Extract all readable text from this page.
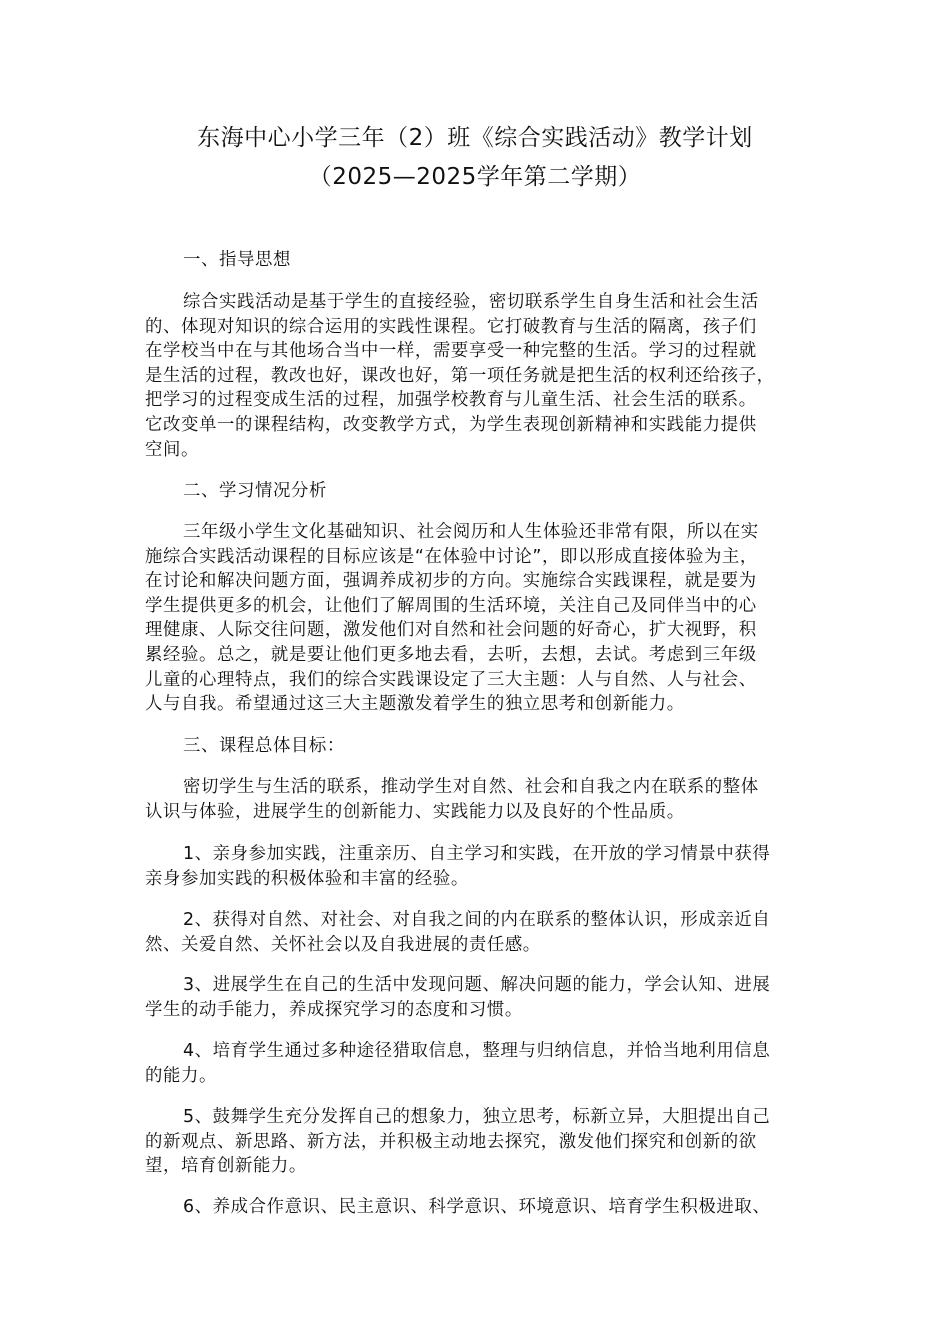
东海中心小学三年（2）班《综合实践活动》教学计划
（2025—2025学年第二学期）
一、指导思想
综合实践活动是基于学生的直接经验，密切联系学生自身生活和社会生活
的、体现对知识的综合运用的实践性课程。它打破教育与生活的隔离，孩子们
在学校当中在与其他场合当中一样，需要享受一种完整的生活。学习的过程就
是生活的过程，教改也好，课改也好，第一项任务就是把生活的权利还给孩子，
把学习的过程变成生活的过程，加强学校教育与儿童生活、社会生活的联系。
它改变单一的课程结构，改变教学方式，为学生表现创新精神和实践能力提供
空间。
二、学习情况分析
三年级小学生文化基础知识、社会阅历和人生体验还非常有限，所以在实
施综合实践活动课程的目标应该是“在体验中讨论”，即以形成直接体验为主，
在讨论和解决问题方面，强调养成初步的方向。实施综合实践课程，就是要为
学生提供更多的机会，让他们了解周围的生活环境，关注自己及同伴当中的心
理健康、人际交往问题，激发他们对自然和社会问题的好奇心，扩大视野，积
累经验。总之，就是要让他们更多地去看，去听，去想，去试。考虑到三年级
儿童的心理特点，我们的综合实践课设定了三大主题：人与自然、人与社会、
人与自我。希望通过这三大主题激发着学生的独立思考和创新能力。
三、课程总体目标：
密切学生与生活的联系，推动学生对自然、社会和自我之内在联系的整体
认识与体验，进展学生的创新能力、实践能力以及良好的个性品质。
1、亲身参加实践，注重亲历、自主学习和实践，在开放的学习情景中获得
亲身参加实践的积极体验和丰富的经验。
2、获得对自然、对社会、对自我之间的内在联系的整体认识，形成亲近自
然、关爱自然、关怀社会以及自我进展的责任感。
3、进展学生在自己的生活中发现问题、解决问题的能力，学会认知、进展
学生的动手能力，养成探究学习的态度和习惯。
4、培育学生通过多种途径猎取信息，整理与归纳信息，并恰当地利用信息
的能力。
5、鼓舞学生充分发挥自己的想象力，独立思考，标新立异，大胆提出自己
的新观点、新思路、新方法，并积极主动地去探究，激发他们探究和创新的欲
望，培育创新能力。
6、养成合作意识、民主意识、科学意识、环境意识、培育学生积极进取、
